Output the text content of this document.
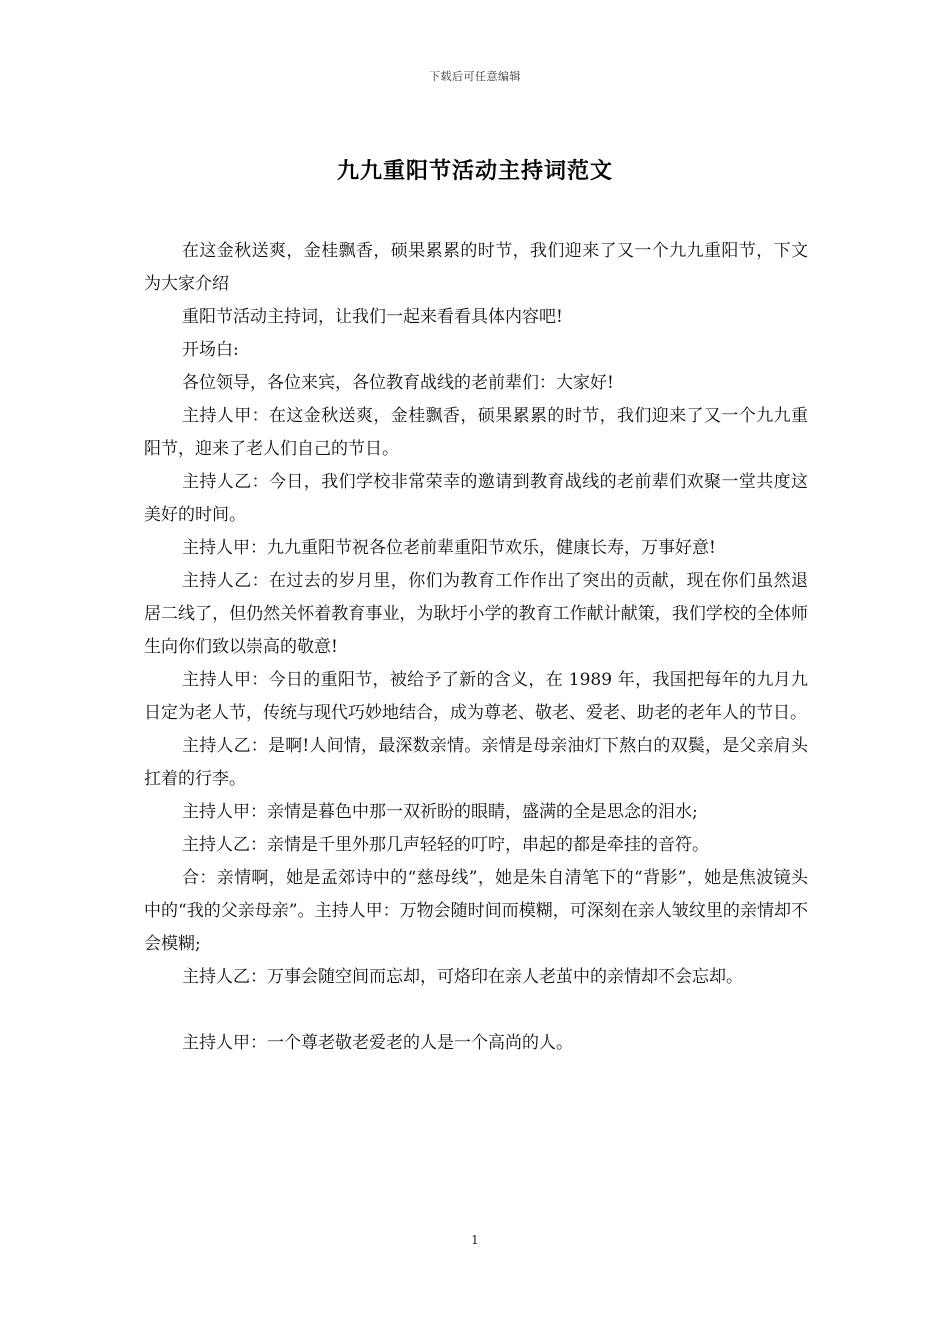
下载后可任意编辑
九九重阳节活动主持词范文

在这金秋送爽，金桂飘香，硕果累累的时节，我们迎来了又一个九九重阳节，下文为大家介绍

重阳节活动主持词，让我们一起来看看具体内容吧!

开场白:

各位领导，各位来宾，各位教育战线的老前辈们：大家好!

主持人甲：在这金秋送爽，金桂飘香，硕果累累的时节，我们迎来了又一个九九重阳节，迎来了老人们自己的节日。

主持人乙：今日，我们学校非常荣幸的邀请到教育战线的老前辈们欢聚一堂共度这美好的时间。

主持人甲：九九重阳节祝各位老前辈重阳节欢乐，健康长寿，万事好意!

主持人乙：在过去的岁月里，你们为教育工作作出了突出的贡献，现在你们虽然退居二线了，但仍然关怀着教育事业，为耿圩小学的教育工作献计献策，我们学校的全体师生向你们致以崇高的敬意!

主持人甲：今日的重阳节，被给予了新的含义，在 1989 年，我国把每年的九月九日定为老人节，传统与现代巧妙地结合，成为尊老、敬老、爱老、助老的老年人的节日。

主持人乙：是啊!人间情，最深数亲情。亲情是母亲油灯下熬白的双鬓，是父亲肩头扛着的行李。

主持人甲：亲情是暮色中那一双祈盼的眼睛，盛满的全是思念的泪水;

主持人乙：亲情是千里外那几声轻轻的叮咛，串起的都是牵挂的音符。

合：亲情啊，她是孟郊诗中的“慈母线”，她是朱自清笔下的“背影”，她是焦波镜头中的“我的父亲母亲”。主持人甲：万物会随时间而模糊，可深刻在亲人皱纹里的亲情却不会模糊;

主持人乙：万事会随空间而忘却，可烙印在亲人老茧中的亲情却不会忘却。

主持人甲：一个尊老敬老爱老的人是一个高尚的人。

1
